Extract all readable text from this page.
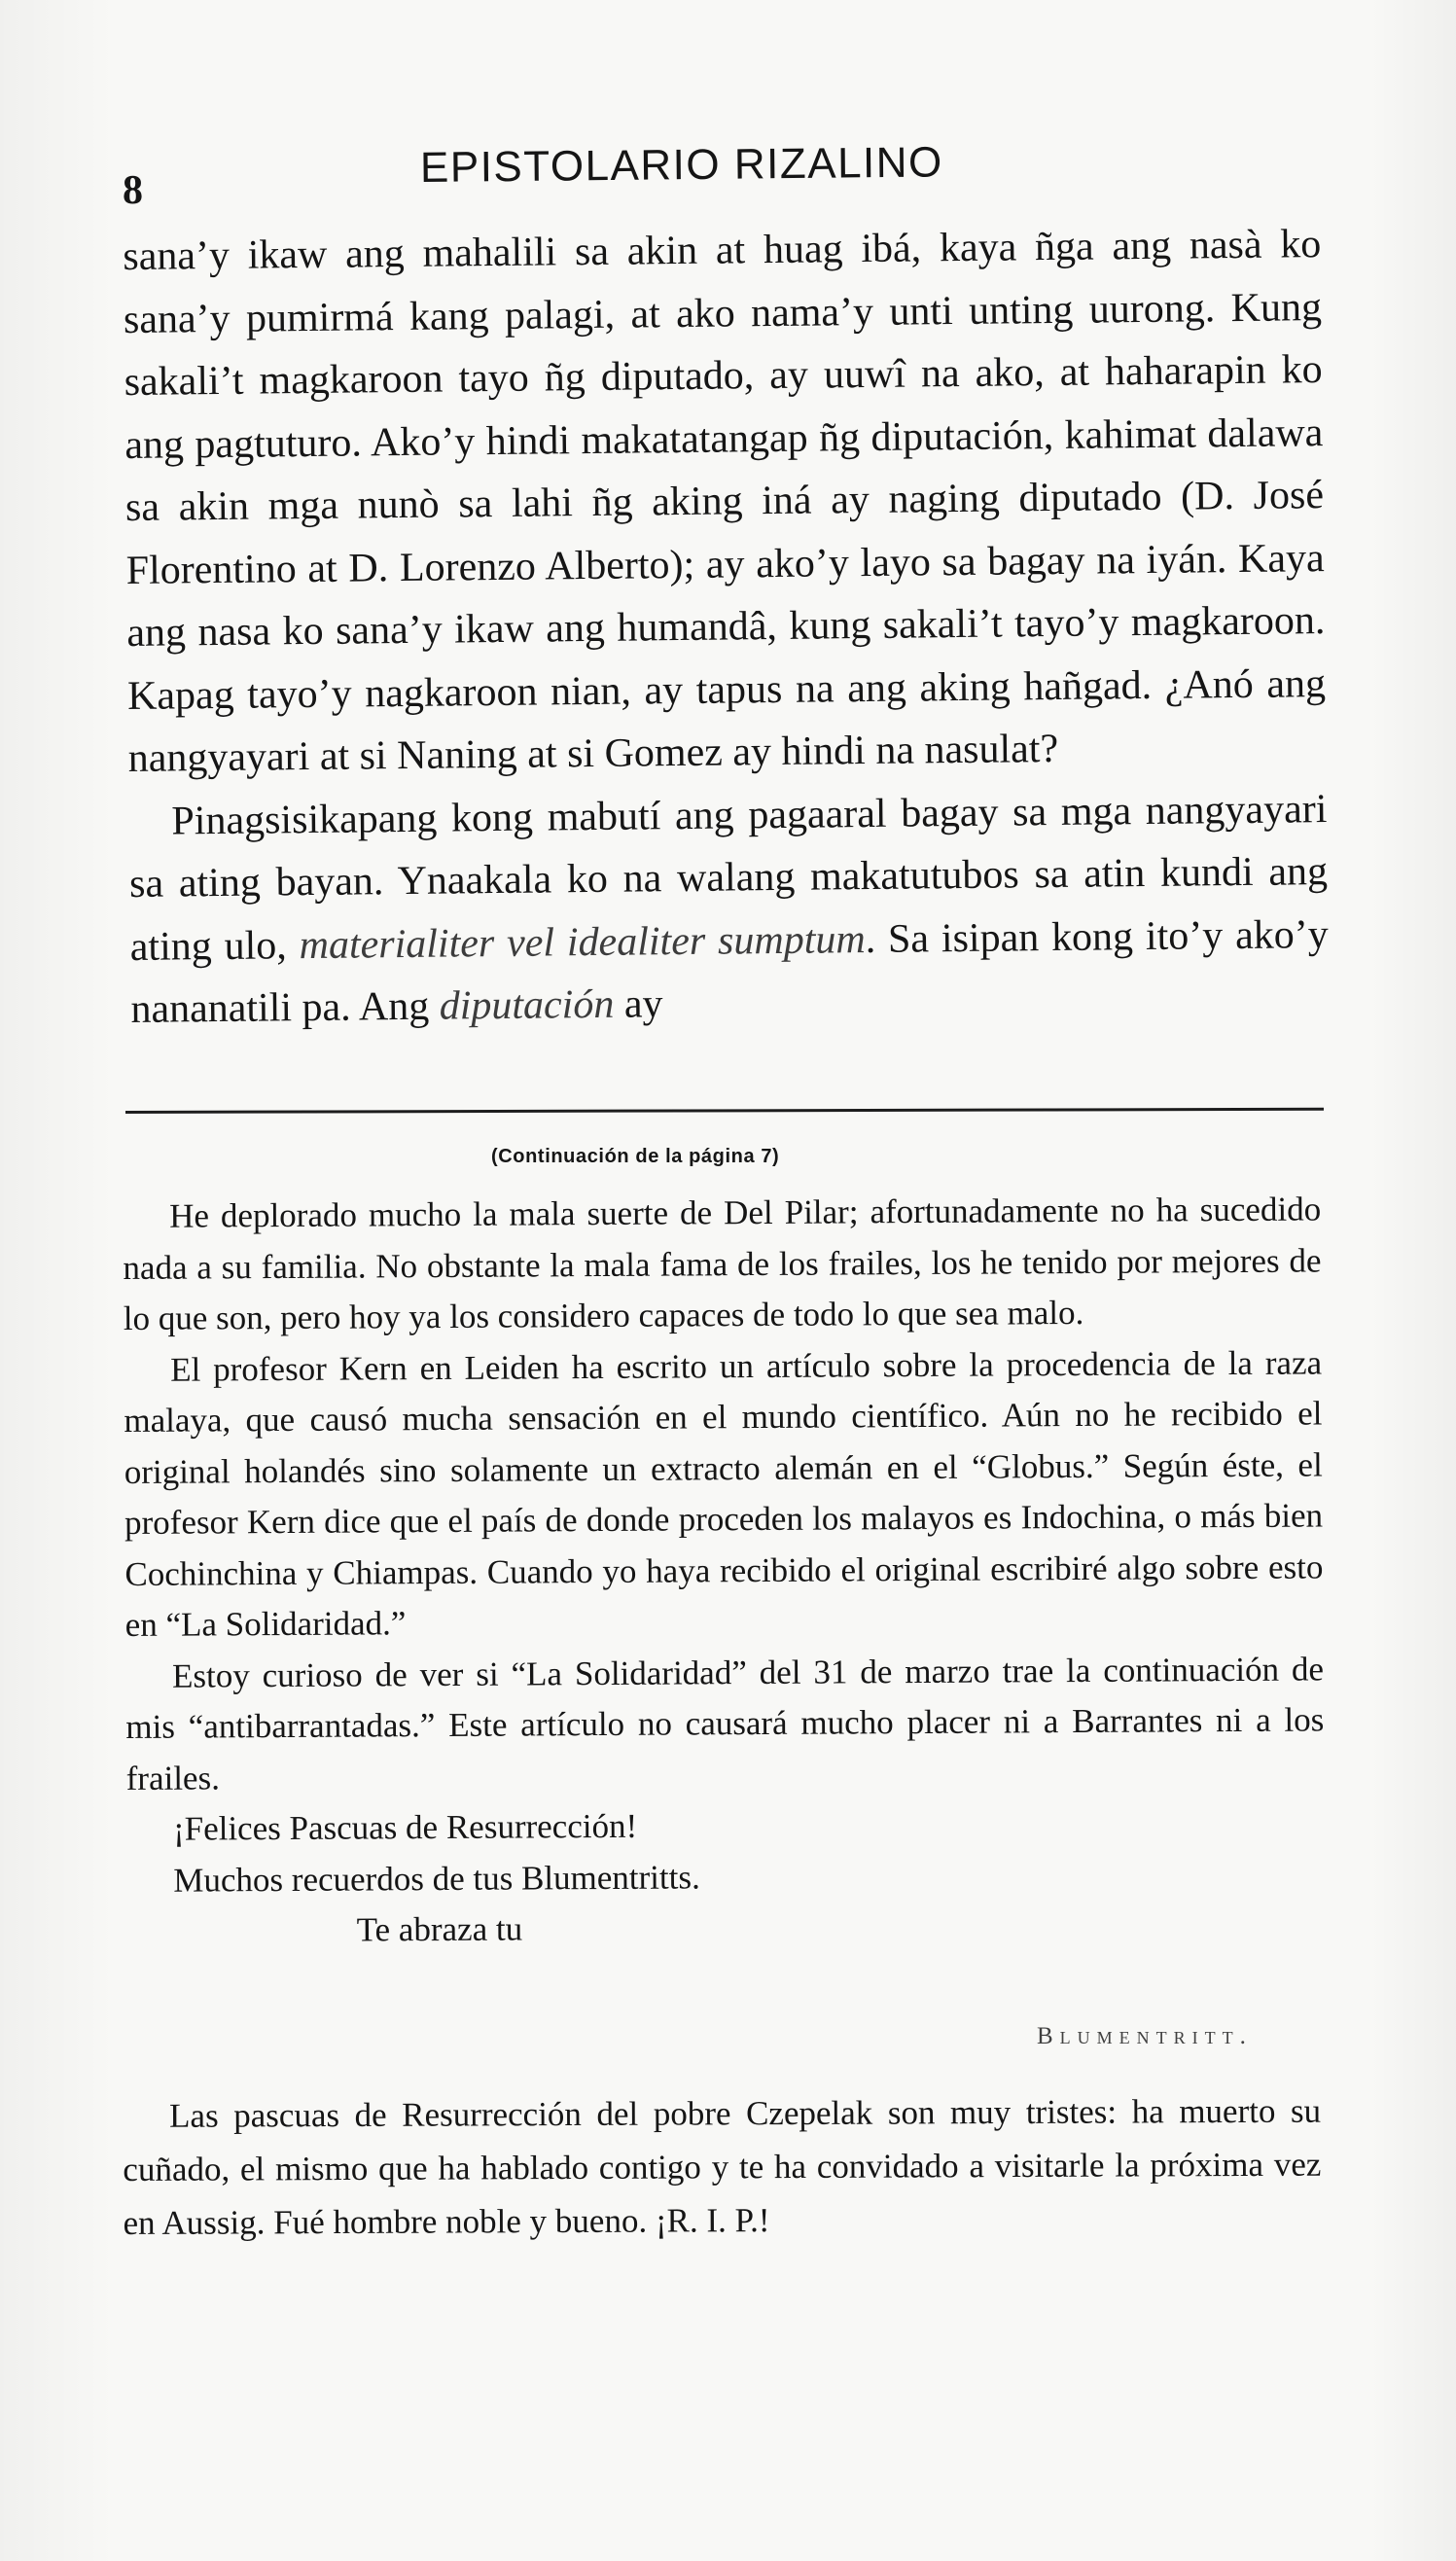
8	EPISTOLARIO RIZALINO

sana’y ikaw ang mahalili sa akin at huag ibá, kaya ñga ang nasà ko sana’y pumirmá kang palagi, at ako nama’y unti unting uurong. Kung sakali’t magkaroon tayo ñg diputado, ay uuwî na ako, at haharapin ko ang pagtuturo. Ako’y hindi makatatangap ñg diputación, kahimat dalawa sa akin mga nunò sa lahi ñg aking iná ay naging diputado (D. José Florentino at D. Lorenzo Alberto); ay ako’y layo sa bagay na iyán. Kaya ang nasa ko sana’y ikaw ang humandâ, kung sakali’t tayo’y magkaroon. Kapag tayo’y nagkaroon nian, ay tapus na ang aking hañgad. ¿Anó ang nangyayari at si Naning at si Gomez ay hindi na nasulat?

Pinagsisikapang kong mabutí ang pagaaral bagay sa mga nangyayari sa ating bayan. Ynaakala ko na walang makatutubos sa atin kundi ang ating ulo, materialiter vel idealiter sumptum. Sa isipan kong ito’y ako’y nananatili pa. Ang diputación ay

(Continuación de la página 7)

He deplorado mucho la mala suerte de Del Pilar; afortunadamente no ha sucedido nada a su familia. No obstante la mala fama de los frailes, los he tenido por mejores de lo que son, pero hoy ya los considero capaces de todo lo que sea malo.

El profesor Kern en Leiden ha escrito un artículo sobre la procedencia de la raza malaya, que causó mucha sensación en el mundo científico. Aún no he recibido el original holandés sino solamente un extracto alemán en el “Globus.” Según éste, el profesor Kern dice que el país de donde proceden los malayos es Indochina, o más bien Cochinchina y Chiampas. Cuando yo haya recibido el original escribiré algo sobre esto en “La Solidaridad.”

Estoy curioso de ver si “La Solidaridad” del 31 de marzo trae la continuación de mis “antibarrantadas.” Este artículo no causará mucho placer ni a Barrantes ni a los frailes.

¡Felices Pascuas de Resurrección!

Muchos recuerdos de tus Blumentritts.

Te abraza tu

Blumentritt.

Las pascuas de Resurrección del pobre Czepelak son muy tristes: ha muerto su cuñado, el mismo que ha hablado contigo y te ha convidado a visitarle la próxima vez en Aussig. Fué hombre noble y bueno. ¡R. I. P.!
